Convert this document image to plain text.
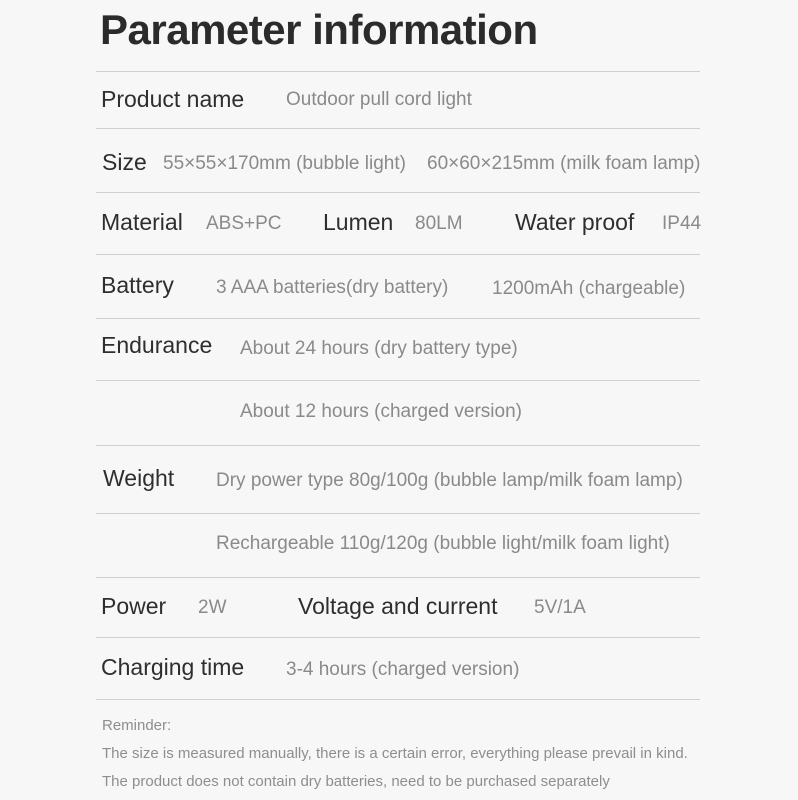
Parameter information
Product name Outdoor pull cord light
Size 55×55×170mm (bubble light) 60×60×215mm (milk foam lamp)
Material ABS+PC Lumen 80LM Water proof IP44
Battery 3 AAA batteries(dry battery) 1200mAh (chargeable)
Endurance About 24 hours (dry battery type)
About 12 hours (charged version)
Weight Dry power type 80g/100g (bubble lamp/milk foam lamp)
Rechargeable 110g/120g (bubble light/milk foam light)
Power 2W	Voltage and current 5V/1A
Charging time 3-4 hours (charged version)
Reminder:
The size is measured manually, there is a certain error, everything please prevail in kind.
The product does not contain dry batteries, need to be purchased separately
